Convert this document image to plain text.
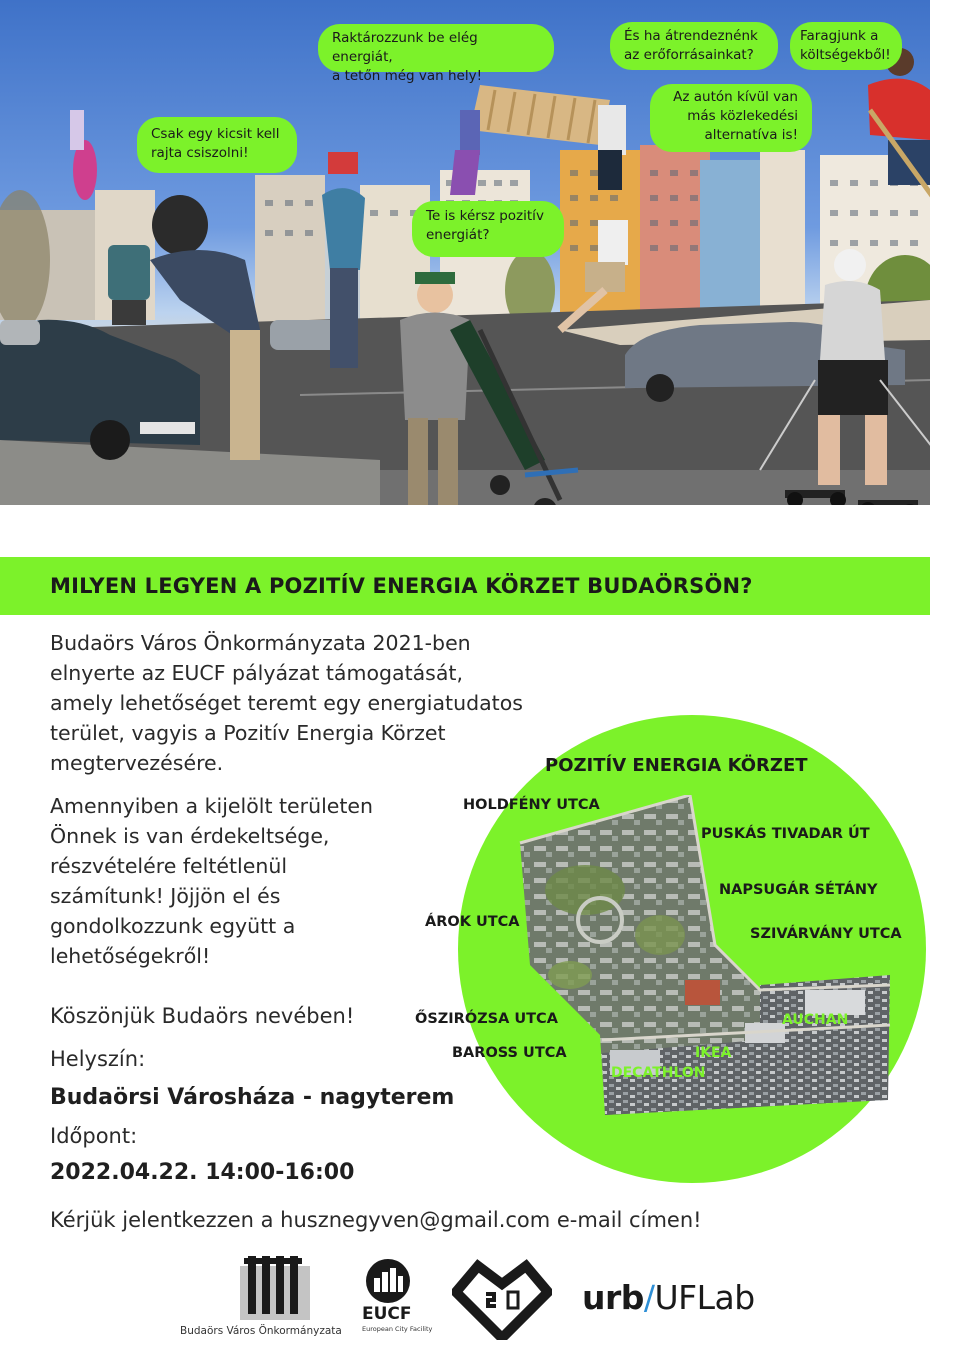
Csak egy kicsit kell
rajta csiszolni!
Raktározzunk be elég energiát,
a tetőn még van hely!
És ha átrendeznénk
az erőforrásainkat?
Faragjunk a
költségekből!
Az autón kívül van
más közlekedési
alternatíva is!
Te is kérsz pozitív
energiát?
MILYEN LEGYEN A POZITÍV ENERGIA KÖRZET BUDAÖRSÖN?
Budaörs Város Önkormányzata 2021-ben
elnyerte az EUCF pályázat támogatását,
amely lehetőséget teremt egy energiatudatos
terület, vagyis a Pozitív Energia Körzet
megtervezésére.
Amennyiben a kijelölt területen
Önnek is van érdekeltsége,
részvételére feltétlenül
számítunk! Jöjjön el és
gondolkozzunk együtt a
lehetőségekről!
Köszönjük Budaörs nevében!
Helyszín:
Budaörsi Városháza - nagyterem
Időpont:
2022.04.22. 14:00-16:00
Kérjük jelentkezzen a husznegyven@gmail.com e-mail címen!
POZITÍV ENERGIA KÖRZET
HOLDFÉNY UTCA
PUSKÁS TIVADAR ÚT
NAPSUGÁR SÉTÁNY
SZIVÁRVÁNY UTCA
ÁROK UTCA
ŐSZIRÓZSA UTCA
BAROSS UTCA
AUCHAN
IKEA
DECATHLON
Budaörs Város Önkormányzata
EUCF
European City Facility
urb/UFLab
